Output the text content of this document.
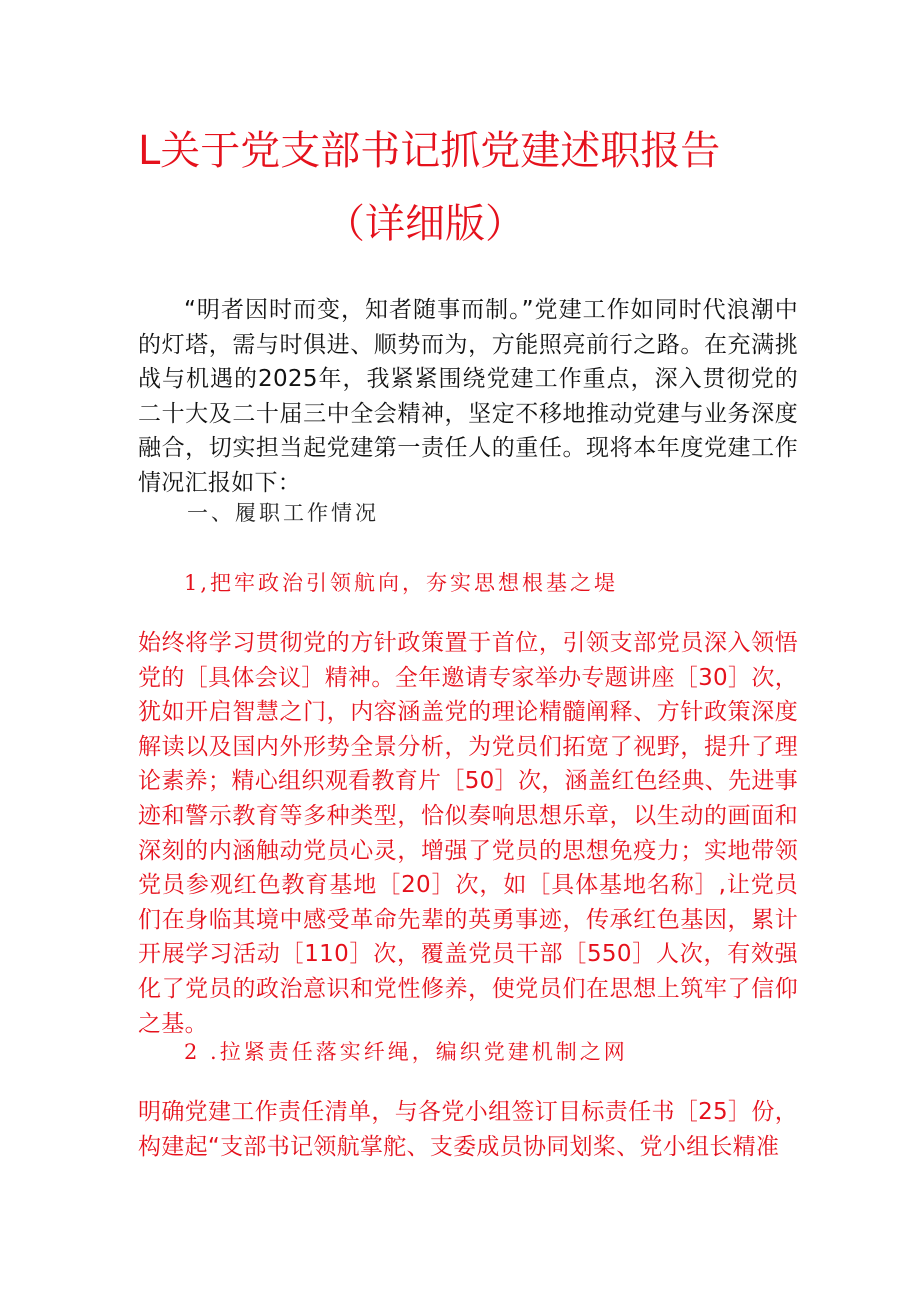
L关于党支部书记抓党建述职报告
（详细版）
“明者因时而变，知者随事而制。”党建工作如同时代浪潮中的灯塔，需与时俱进、顺势而为，方能照亮前行之路。在充满挑战与机遇的2025年，我紧紧围绕党建工作重点，深入贯彻党的二十大及二十届三中全会精神，坚定不移地推动党建与业务深度融合，切实担当起党建第一责任人的重任。现将本年度党建工作情况汇报如下：
一、履职工作情况
1,把牢政治引领航向，夯实思想根基之堤
始终将学习贯彻党的方针政策置于首位，引领支部党员深入领悟党的［具体会议］精神。全年邀请专家举办专题讲座［30］次，犹如开启智慧之门，内容涵盖党的理论精髓阐释、方针政策深度解读以及国内外形势全景分析，为党员们拓宽了视野，提升了理论素养；精心组织观看教育片［50］次，涵盖红色经典、先进事迹和警示教育等多种类型，恰似奏响思想乐章，以生动的画面和深刻的内涵触动党员心灵，增强了党员的思想免疫力；实地带领党员参观红色教育基地［20］次，如［具体基地名称］,让党员们在身临其境中感受革命先辈的英勇事迹，传承红色基因，累计开展学习活动［110］次，覆盖党员干部［550］人次，有效强化了党员的政治意识和党性修养，使党员们在思想上筑牢了信仰之基。
2 .拉紧责任落实纤绳，编织党建机制之网
明确党建工作责任清单，与各党小组签订目标责任书［25］份，构建起“支部书记领航掌舵、支委成员协同划桨、党小组长精准
